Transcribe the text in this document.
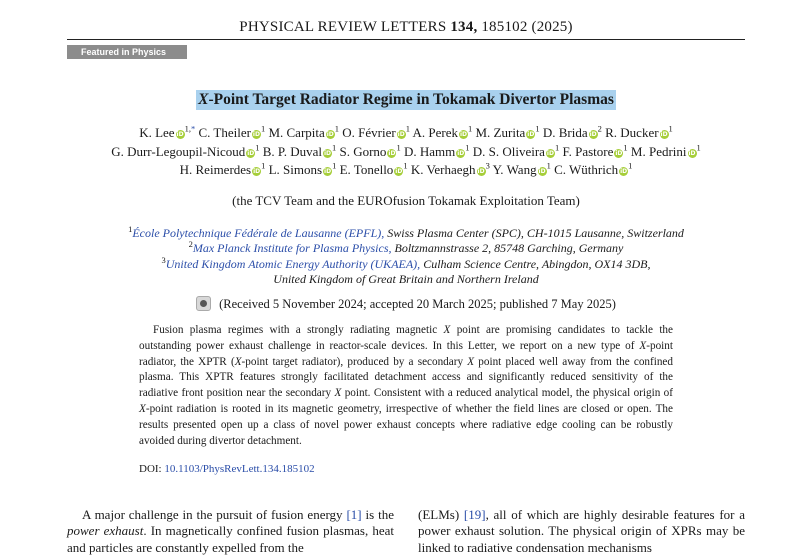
PHYSICAL REVIEW LETTERS 134, 185102 (2025)
Featured in Physics
X-Point Target Radiator Regime in Tokamak Divertor Plasmas
K. Lee $iD^{1,*}$ C. Theiler $iD^1$ M. Carpita $iD^1$ O. Février $iD^1$ A. Perek $iD^1$ M. Zurita $iD^1$ D. Brida $iD^2$ R. Ducker $iD^1$
G. Durr-Legoupil-Nicoud $iD^1$ B. P. Duval $iD^1$ S. Gorno $iD^1$ D. Hamm $iD^1$ D. S. Oliveira $iD^1$ F. Pastore $iD^1$ M. Pedrini $iD^1$
H. Reimerdes $iD^1$ L. Simons $iD^1$ E. Tonello $iD^1$ K. Verhaegh $iD^3$ Y. Wang $iD^1$ C. Wüthrich $iD^1$
(the TCV Team and the EUROfusion Tokamak Exploitation Team)
$^1$École Polytechnique Fédérale de Lausanne (EPFL), Swiss Plasma Center (SPC), CH-1015 Lausanne, Switzerland
$^2$Max Planck Institute for Plasma Physics, Boltzmannstrasse 2, 85748 Garching, Germany
$^3$United Kingdom Atomic Energy Authority (UKAEA), Culham Science Centre, Abingdon, OX14 3DB,
United Kingdom of Great Britain and Northern Ireland
(Received 5 November 2024; accepted 20 March 2025; published 7 May 2025)

Fusion plasma regimes with a strongly radiating magnetic X point are promising candidates to tackle the outstanding power exhaust challenge in reactor-scale devices. In this Letter, we report on a new type of X-point radiator, the XPTR (X-point target radiator), produced by a secondary X point placed well away from the confined plasma. This XPTR features strongly facilitated detachment access and significantly reduced sensitivity of the radiative front position near the secondary X point. Consistent with a reduced analytical model, the physical origin of X-point radiation is rooted in its magnetic geometry, irrespective of whether the field lines are closed or open. The results presented open up a class of novel power exhaust concepts where radiative edge cooling can be robustly avoided during divertor detachment.

DOI: 10.1103/PhysRevLett.134.185102

A major challenge in the pursuit of fusion energy [1] is the power exhaust. In magnetically confined fusion plasmas, heat and particles are constantly expelled from the

(ELMs) [19], all of which are highly desirable features for a power exhaust solution. The physical origin of XPRs may be linked to radiative condensation mechanisms
